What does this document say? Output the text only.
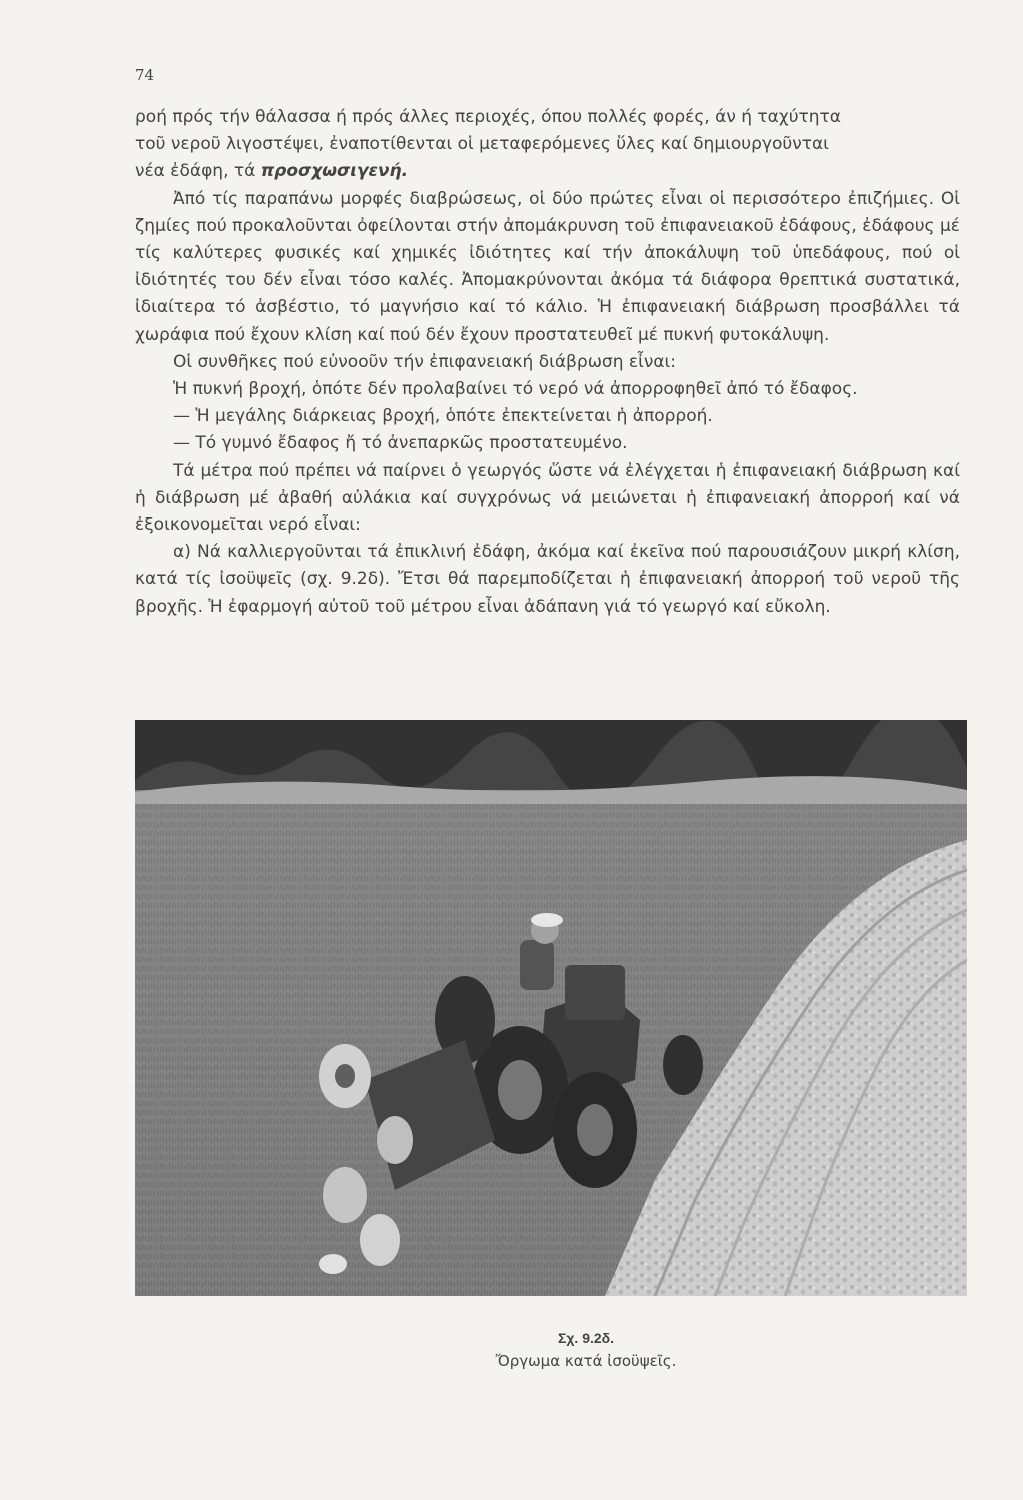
74

ροή πρός τήν θάλασσα ή πρός άλλες περιοχές, όπου πολλές φορές, άν ή ταχύτητα
τοῦ νεροῦ λιγοστέψει, ἐναποτίθενται οἱ μεταφερόμενες ὕλες καί δημιουργοῦνται
νέα ἐδάφη, τά προσχωσιγενή.

Ἀπό τίς παραπάνω μορφές διαβρώσεως, οἱ δύο πρώτες εἶναι οἱ περισσότερο ἐπιζήμιες. Οἱ ζημίες πού προκαλοῦνται ὀφείλονται στήν ἀπομάκρυνση τοῦ ἐπιφανειακοῦ ἐδάφους, ἐδάφους μέ τίς καλύτερες φυσικές καί χημικές ἰδιότητες καί τήν ἀποκάλυψη τοῦ ὑπεδάφους, πού οἱ ἰδιότητές του δέν εἶναι τόσο καλές. Ἀπομακρύνονται ἀκόμα τά διάφορα θρεπτικά συστατικά, ἰδιαίτερα τό ἀσβέστιο, τό μαγνήσιο καί τό κάλιο. Ἡ ἐπιφανειακή διάβρωση προσβάλλει τά χωράφια πού ἔχουν κλίση καί πού δέν ἔχουν προστατευθεῖ μέ πυκνή φυτοκάλυψη.

Οἱ συνθῆκες πού εὐνοοῦν τήν ἐπιφανειακή διάβρωση εἶναι:

Ἡ πυκνή βροχή, ὁπότε δέν προλαβαίνει τό νερό νά ἀπορροφηθεῖ ἀπό τό ἔδαφος.

— Ἡ μεγάλης διάρκειας βροχή, ὁπότε ἐπεκτείνεται ἡ ἀπορροή.

— Τό γυμνό ἔδαφος ἤ τό ἀνεπαρκῶς προστατευμένο.

Τά μέτρα πού πρέπει νά παίρνει ὁ γεωργός ὥστε νά ἐλέγχεται ἡ ἐπιφανειακή διάβρωση καί ἡ διάβρωση μέ ἀβαθή αὐλάκια καί συγχρόνως νά μειώνεται ἡ ἐπιφανειακή ἀπορροή καί νά ἐξοικονομεῖται νερό εἶναι:

α) Νά καλλιεργοῦνται τά ἐπικλινή ἐδάφη, ἀκόμα καί ἐκεῖνα πού παρουσιάζουν μικρή κλίση, κατά τίς ἰσοϋψεῖς (σχ. 9.2δ). Ἔτσι θά παρεμποδίζεται ἡ ἐπιφανειακή ἀπορροή τοῦ νεροῦ τῆς βροχῆς. Ἡ ἐφαρμογή αὐτοῦ τοῦ μέτρου εἶναι ἀδάπανη γιά τό γεωργό καί εὔκολη.

Σχ. 9.2δ.
Ὄργωμα κατά ἰσοϋψεῖς.
